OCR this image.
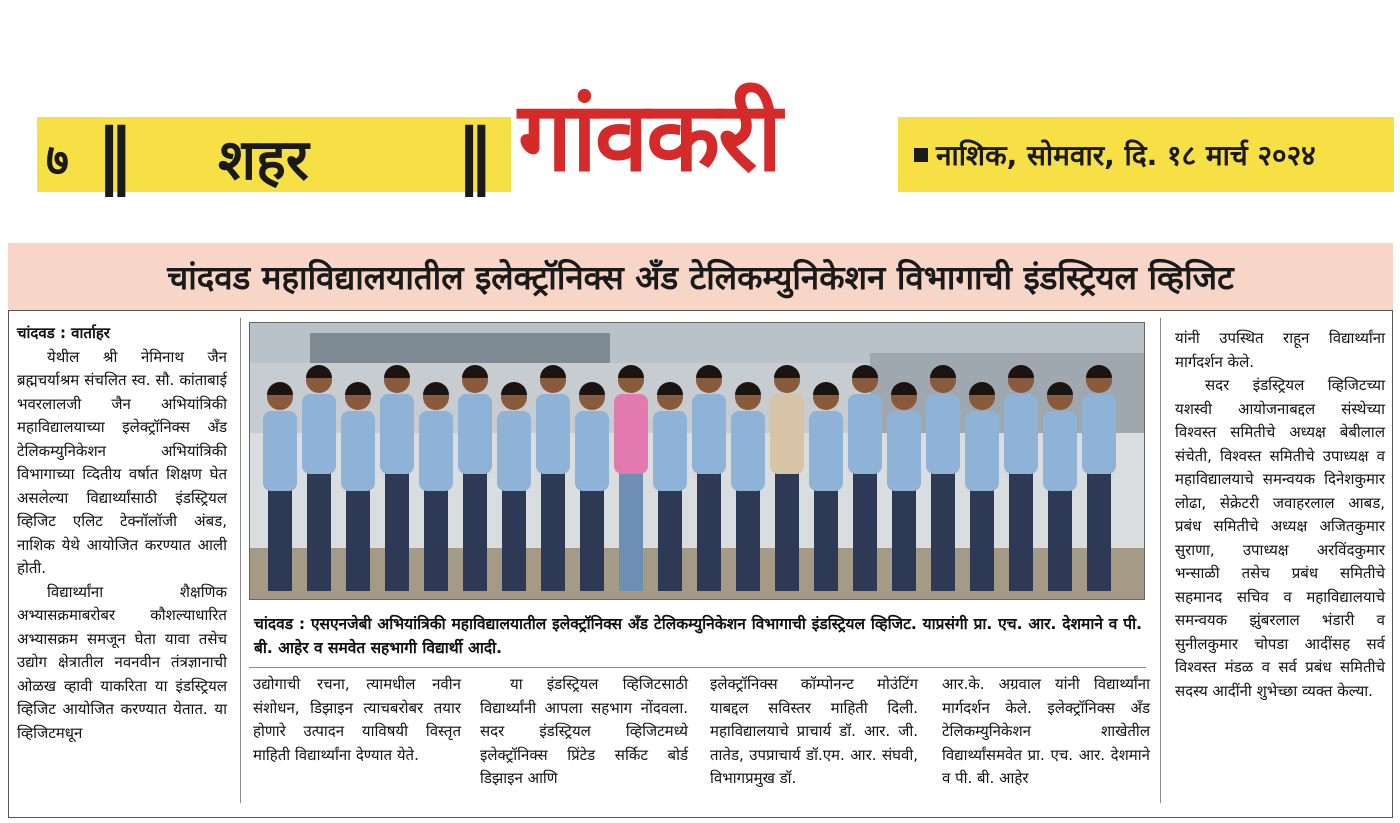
७ || शहर || गांवकरी	नाशिक, सोमवार, दि. १८ मार्च २०२४
चांदवड महाविद्यालयातील इलेक्ट्रॉनिक्स अँड टेलिकम्युनिकेशन विभागाची इंडस्ट्रियल व्हिजिट
चांदवड : वार्ताहर

येथील श्री नेमिनाथ जैन ब्रह्मचर्याश्रम संचलित स्व. सौ. कांताबाई भवरलालजी जैन अभियांत्रिकी महाविद्यालयाच्या इलेक्ट्रॉनिक्स अँड टेलिकम्युनिकेशन अभियांत्रिकी विभागाच्या व्दितीय वर्षात शिक्षण घेत असलेल्या विद्यार्थ्यांसाठी इंडस्ट्रियल व्हिजिट एलिट टेक्नॉलॉजी अंबड, नाशिक येथे आयोजित करण्यात आली होती.

विद्यार्थ्यांना शैक्षणिक अभ्यासक्रमाबरोबर कौशल्याधारित अभ्यासक्रम समजून घेता यावा तसेच उद्योग क्षेत्रातील नवनवीन तंत्रज्ञानाची ओळख व्हावी याकरिता या इंडस्ट्रियल व्हिजिट आयोजित करण्यात येतात. या व्हिजिटमधून

चांदवड : एसएनजेबी अभियांत्रिकी महाविद्यालयातील इलेक्ट्रॉनिक्स अँड टेलिकम्युनिकेशन विभागाची इंडस्ट्रियल व्हिजिट. याप्रसंगी प्रा. एच. आर. देशमाने व पी. बी. आहेर व समवेत सहभागी विद्यार्थी आदी.
उद्योगाची रचना, त्यामधील नवीन संशोधन, डिझाइन त्याचबरोबर तयार होणारे उत्पादन याविषयी विस्तृत माहिती विद्यार्थ्यांना देण्यात येते.
या इंडस्ट्रियल व्हिजिटसाठी विद्यार्थ्यांनी आपला सहभाग नोंदवला. सदर इंडस्ट्रियल व्हिजिटमध्ये इलेक्ट्रॉनिक्स प्रिंटेड सर्किट बोर्ड डिझाइन आणि
इलेक्ट्रॉनिक्स कॉम्पोनन्ट मोउंटिंग याबद्दल सविस्तर माहिती दिली. महाविद्यालयाचे प्राचार्य डॉ. आर. जी. तातेड, उपप्राचार्य डॉ.एम. आर. संघवी, विभागप्रमुख डॉ.
आर.के. अग्रवाल यांनी विद्यार्थ्यांना मार्गदर्शन केले. इलेक्ट्रॉनिक्स अँड टेलिकम्युनिकेशन शाखेतील विद्यार्थ्यांसमवेत प्रा. एच. आर. देशमाने व पी. बी. आहेर

यांनी उपस्थित राहून विद्यार्थ्यांना मार्गदर्शन केले.

सदर इंडस्ट्रियल व्हिजिटच्या यशस्वी आयोजनाबद्दल संस्थेच्या विश्वस्त समितीचे अध्यक्ष बेबीलाल संचेती, विश्वस्त समितीचे उपाध्यक्ष व महाविद्यालयाचे समन्वयक दिनेशकुमार लोढा, सेक्रेटरी जवाहरलाल आबड, प्रबंध समितीचे अध्यक्ष अजितकुमार सुराणा, उपाध्यक्ष अरविंदकुमार भन्साळी तसेच प्रबंध समितीचे सहमानद सचिव व महाविद्यालयाचे समन्वयक झुंबरलाल भंडारी व सुनीलकुमार चोपडा आदींसह सर्व विश्वस्त मंडळ व सर्व प्रबंध समितीचे सदस्य आदींनी शुभेच्छा व्यक्त केल्या.
